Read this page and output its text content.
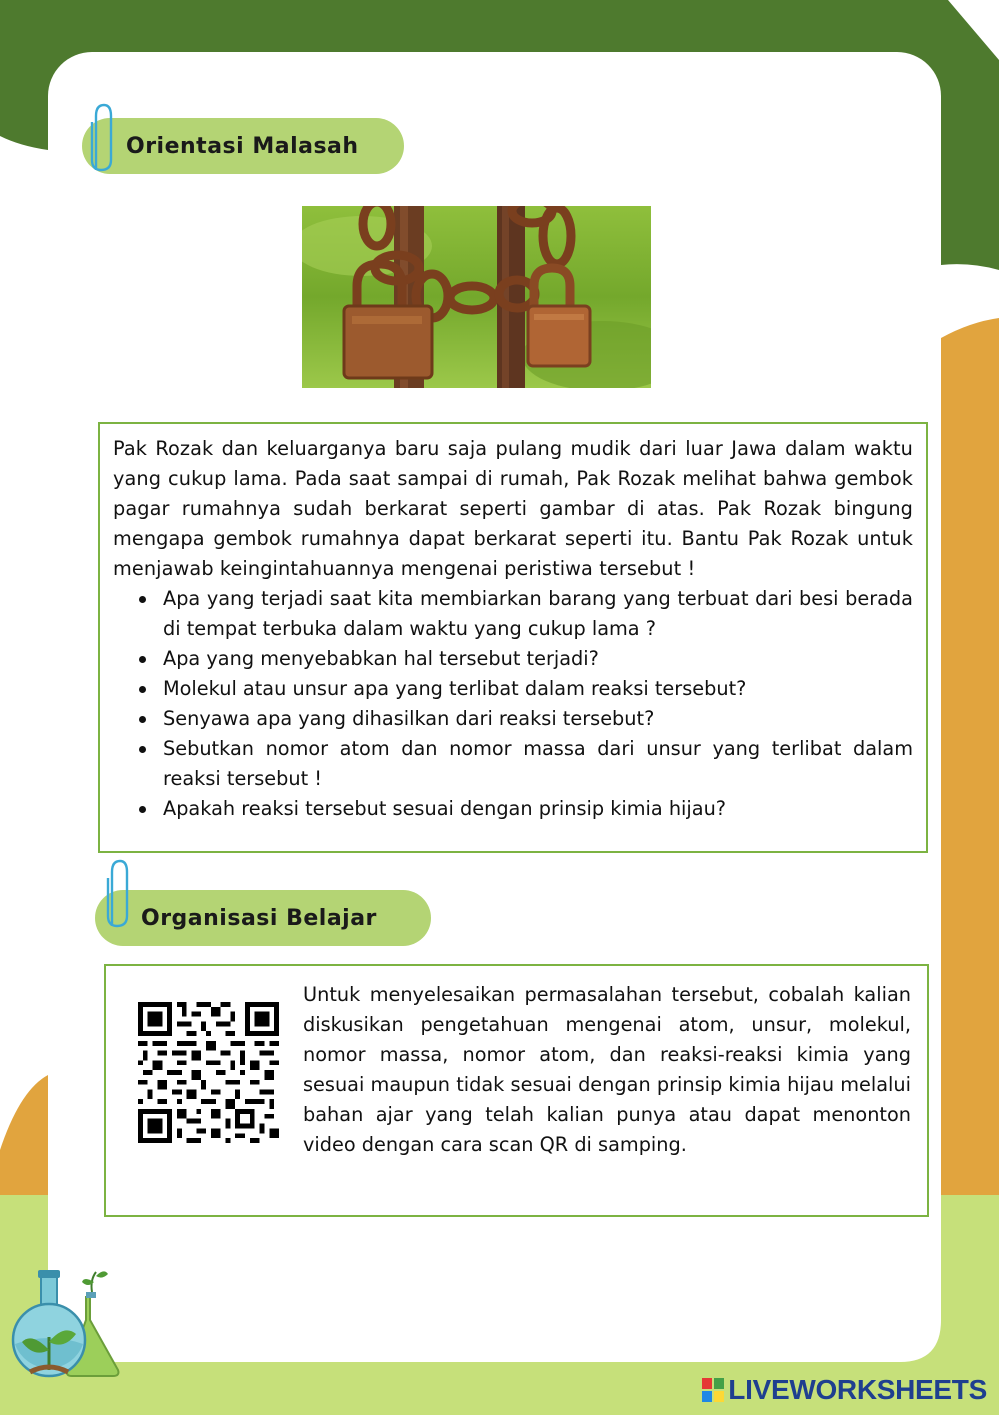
Orientasi Malasah

Pak Rozak dan keluarganya baru saja pulang mudik dari luar Jawa dalam waktu yang cukup lama. Pada saat sampai di rumah, Pak Rozak melihat bahwa gembok pagar rumahnya sudah berkarat seperti gambar di atas. Pak Rozak bingung mengapa gembok rumahnya dapat berkarat seperti itu. Bantu Pak Rozak untuk menjawab keingintahuannya mengenai peristiwa tersebut !

Apa yang terjadi saat kita membiarkan barang yang terbuat dari besi berada di tempat terbuka dalam waktu yang cukup lama ?
Apa yang menyebabkan hal tersebut terjadi?
Molekul atau unsur apa yang terlibat dalam reaksi tersebut?
Senyawa apa yang dihasilkan dari reaksi tersebut?
Sebutkan nomor atom dan nomor massa dari unsur yang terlibat dalam reaksi tersebut !
Apakah reaksi tersebut sesuai dengan prinsip kimia hijau?
Organisasi Belajar

Untuk menyelesaikan permasalahan tersebut, cobalah kalian diskusikan pengetahuan mengenai atom, unsur, molekul, nomor massa, nomor atom, dan reaksi-reaksi kimia yang sesuai maupun tidak sesuai dengan prinsip kimia hijau melalui bahan ajar yang telah kalian punya atau dapat menonton video dengan cara scan QR di samping.

LIVEWORKSHEETS
